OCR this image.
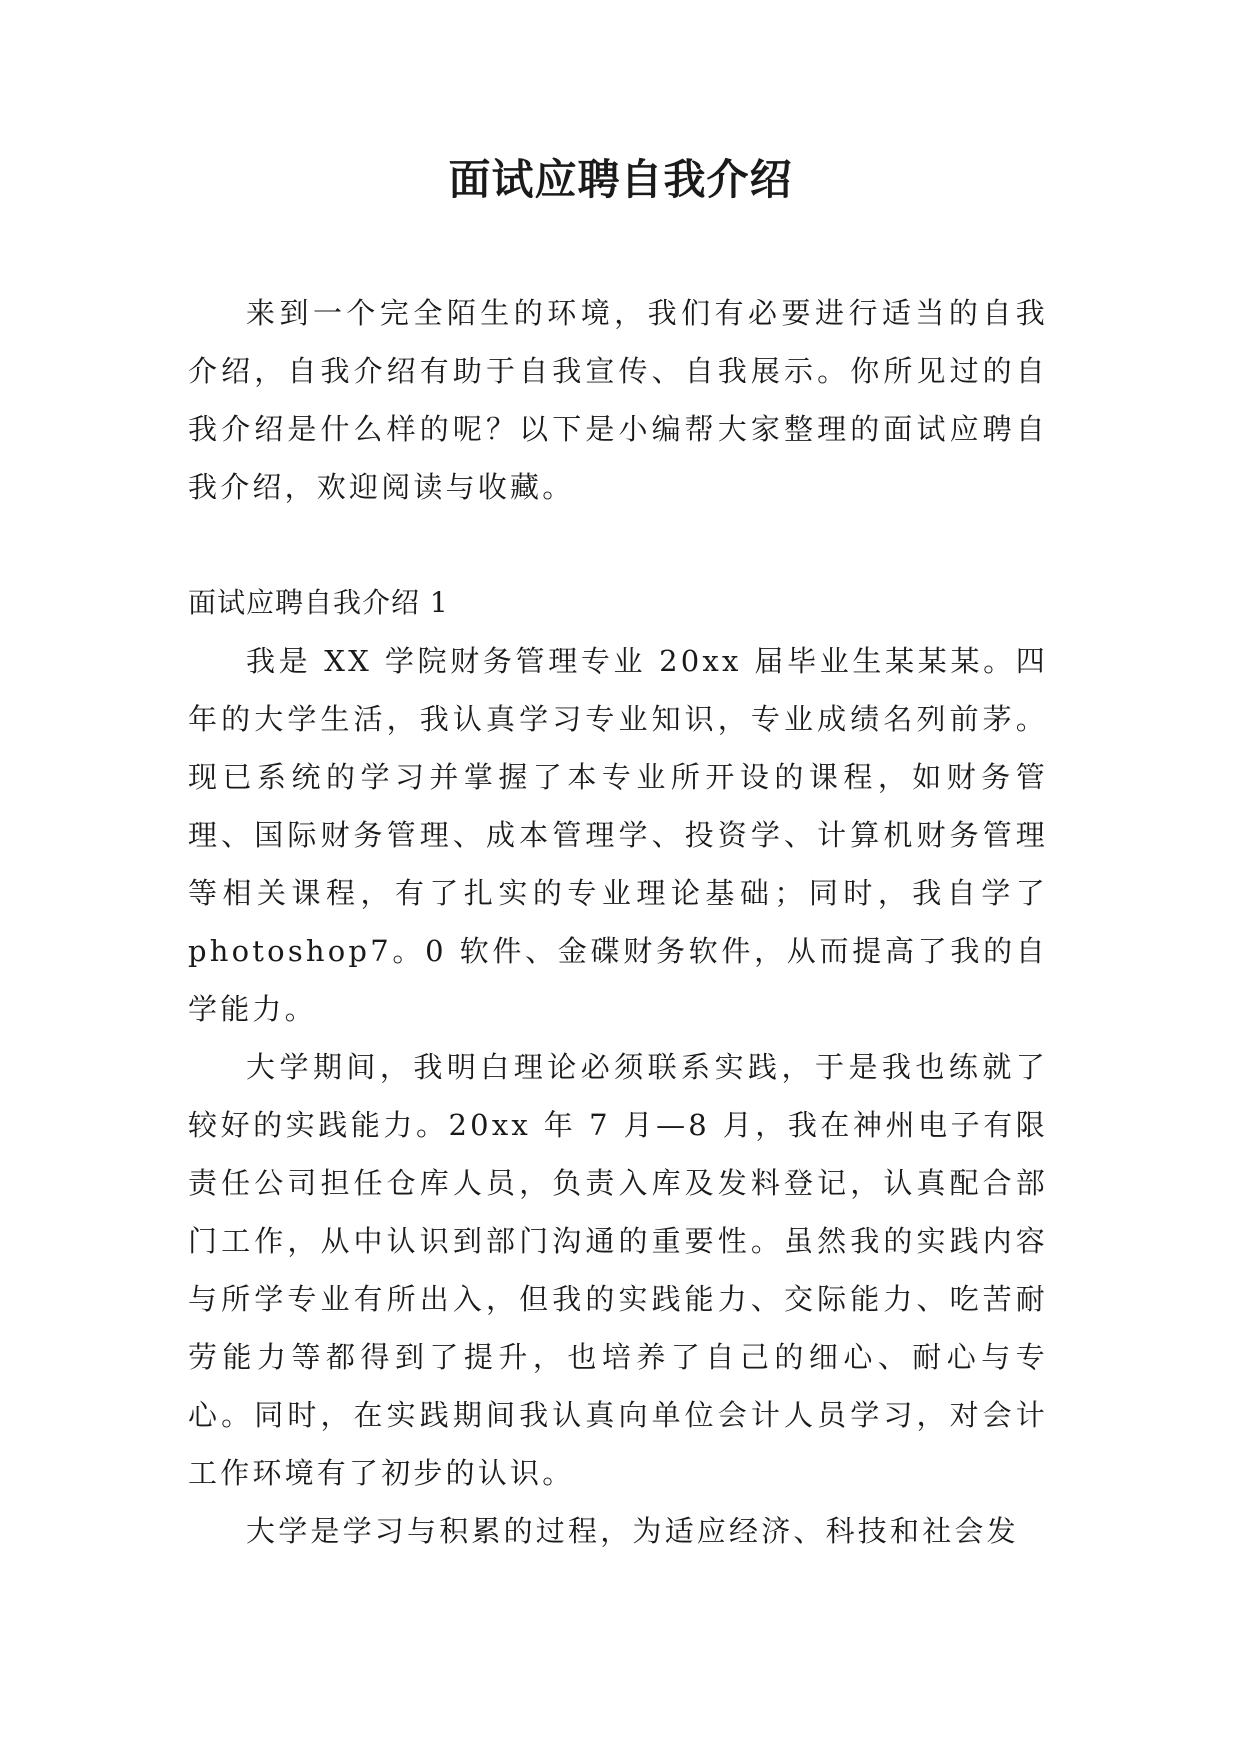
面试应聘自我介绍

来到一个完全陌生的环境，我们有必要进行适当的自我介绍，自我介绍有助于自我宣传、自我展示。你所见过的自我介绍是什么样的呢？以下是小编帮大家整理的面试应聘自我介绍，欢迎阅读与收藏。

面试应聘自我介绍 1

我是 XX 学院财务管理专业 20xx 届毕业生某某某。四年的大学生活，我认真学习专业知识，专业成绩名列前茅。现已系统的学习并掌握了本专业所开设的课程，如财务管理、国际财务管理、成本管理学、投资学、计算机财务管理等相关课程，有了扎实的专业理论基础；同时，我自学了photoshop7。0 软件、金碟财务软件，从而提高了我的自学能力。

大学期间，我明白理论必须联系实践，于是我也练就了较好的实践能力。20xx 年 7 月—8 月，我在神州电子有限责任公司担任仓库人员，负责入库及发料登记，认真配合部门工作，从中认识到部门沟通的重要性。虽然我的实践内容与所学专业有所出入，但我的实践能力、交际能力、吃苦耐劳能力等都得到了提升，也培养了自己的细心、耐心与专心。同时，在实践期间我认真向单位会计人员学习，对会计工作环境有了初步的认识。

大学是学习与积累的过程，为适应经济、科技和社会发
